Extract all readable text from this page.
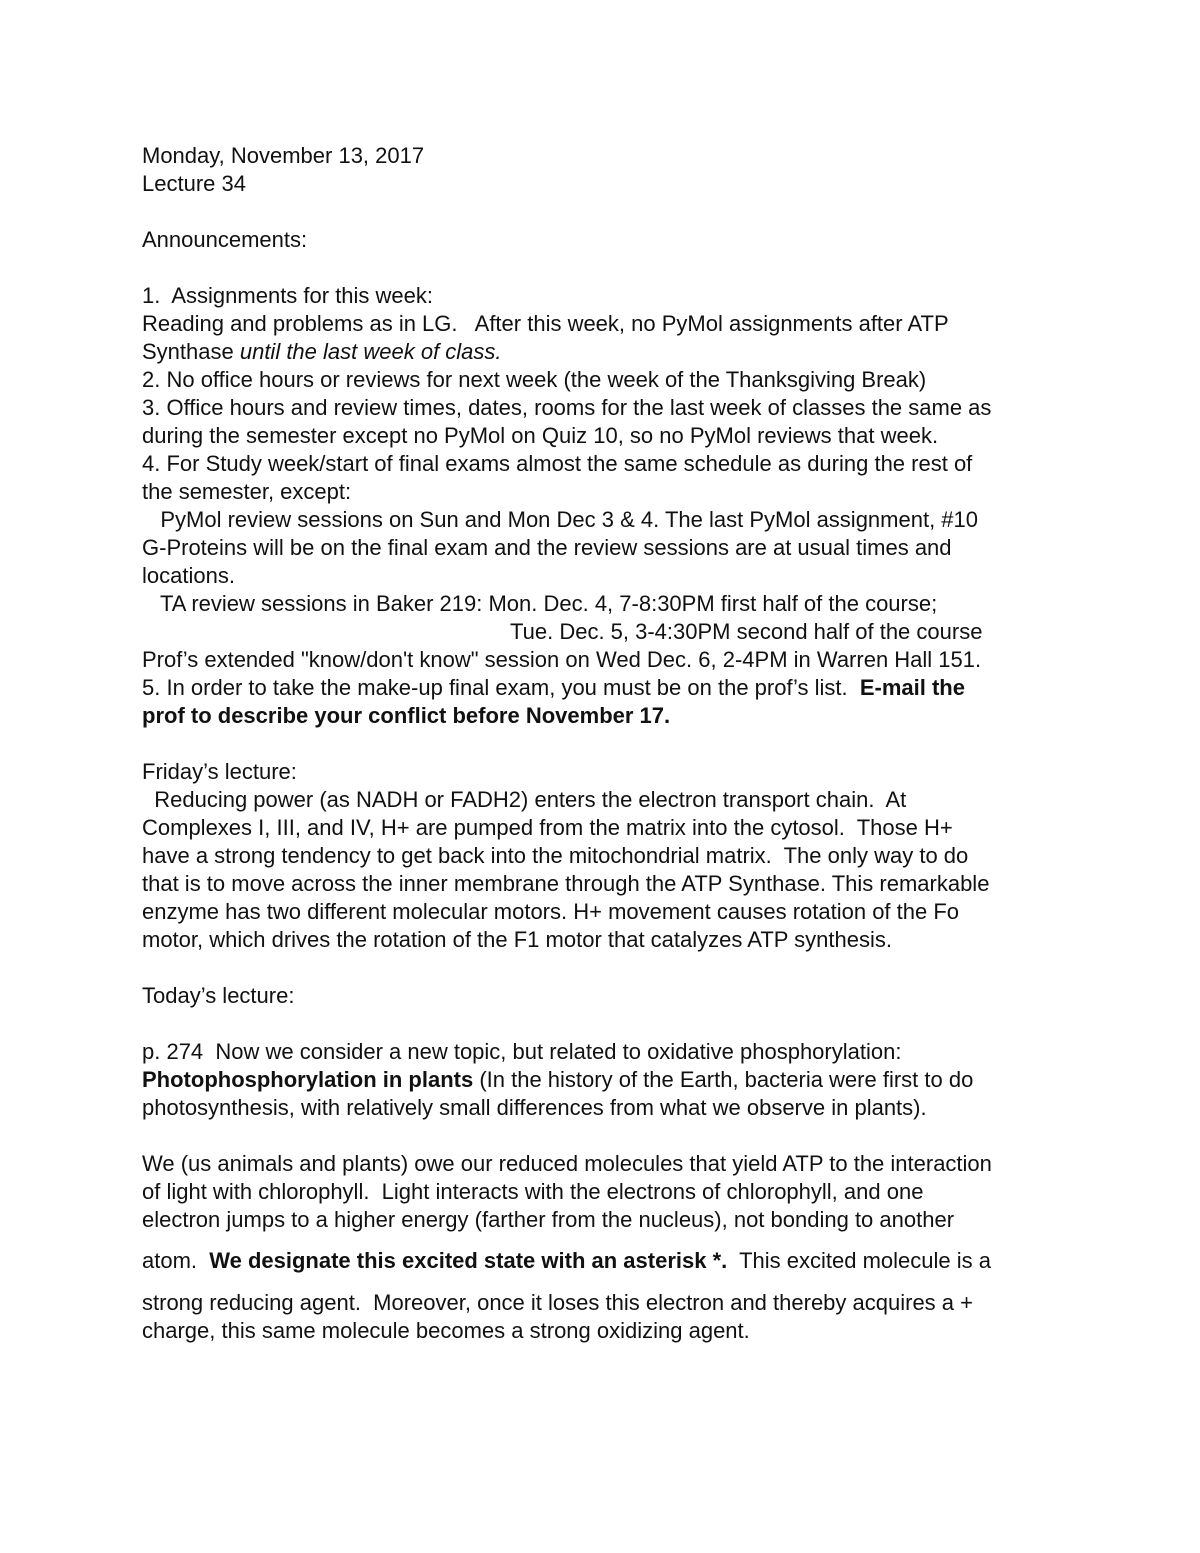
Monday, November 13, 2017
Lecture 34
Announcements:
1.  Assignments for this week:
Reading and problems as in LG.   After this week, no PyMol assignments after ATP
Synthase until the last week of class.
2. No office hours or reviews for next week (the week of the Thanksgiving Break)
3. Office hours and review times, dates, rooms for the last week of classes the same as
during the semester except no PyMol on Quiz 10, so no PyMol reviews that week.
4. For Study week/start of final exams almost the same schedule as during the rest of
the semester, except:
PyMol review sessions on Sun and Mon Dec 3 & 4. The last PyMol assignment, #10
G-Proteins will be on the final exam and the review sessions are at usual times and
locations.
TA review sessions in Baker 219: Mon. Dec. 4, 7-8:30PM first half of the course;
Tue. Dec. 5, 3-4:30PM second half of the course
Prof’s extended "know/don't know" session on Wed Dec. 6, 2-4PM in Warren Hall 151.
5. In order to take the make-up final exam, you must be on the prof’s list.  E-mail the
prof to describe your conflict before November 17.
Friday’s lecture:
Reducing power (as NADH or FADH2) enters the electron transport chain.  At
Complexes I, III, and IV, H+ are pumped from the matrix into the cytosol.  Those H+
have a strong tendency to get back into the mitochondrial matrix.  The only way to do
that is to move across the inner membrane through the ATP Synthase. This remarkable
enzyme has two different molecular motors. H+ movement causes rotation of the Fo
motor, which drives the rotation of the F1 motor that catalyzes ATP synthesis.
Today’s lecture:
p. 274  Now we consider a new topic, but related to oxidative phosphorylation:
Photophosphorylation in plants (In the history of the Earth, bacteria were first to do
photosynthesis, with relatively small differences from what we observe in plants).
We (us animals and plants) owe our reduced molecules that yield ATP to the interaction
of light with chlorophyll.  Light interacts with the electrons of chlorophyll, and one
electron jumps to a higher energy (farther from the nucleus), not bonding to another
atom.  We designate this excited state with an asterisk *.  This excited molecule is a
strong reducing agent.  Moreover, once it loses this electron and thereby acquires a +
charge, this same molecule becomes a strong oxidizing agent.
